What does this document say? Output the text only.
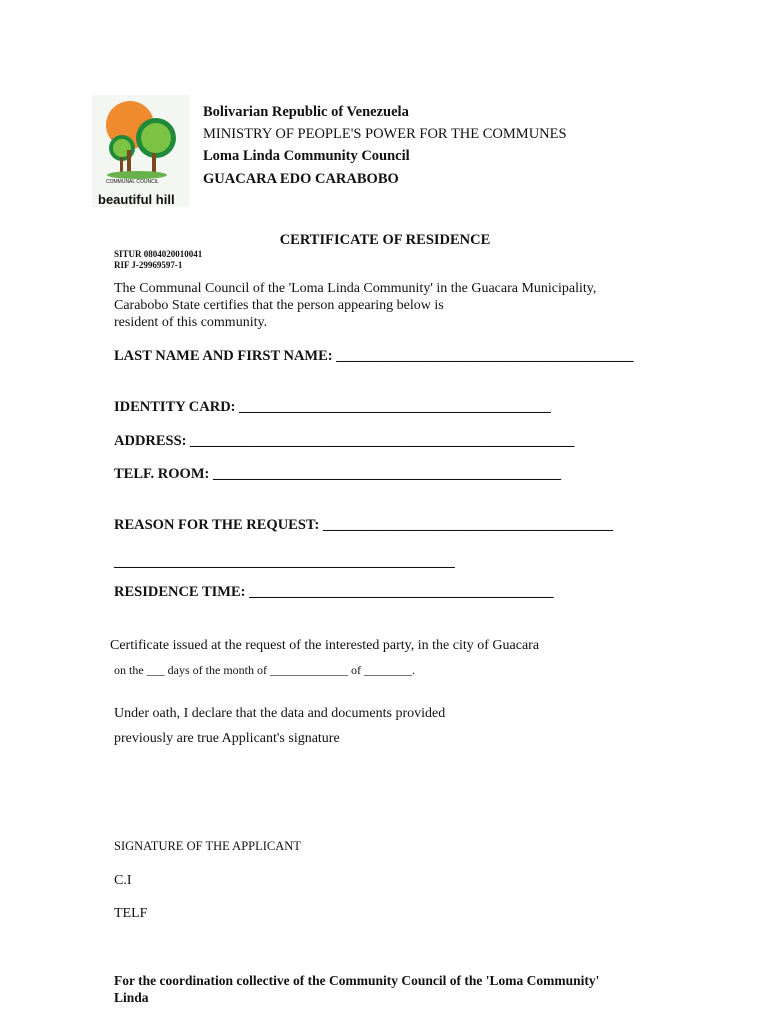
COMMUNAL COUNCIL
beautiful hill
Bolivarian Republic of Venezuela
MINISTRY OF PEOPLE'S POWER FOR THE COMMUNES
Loma Linda Community Council
GUACARA EDO CARABOBO
CERTIFICATE OF RESIDENCE
SITUR 0804020010041
RIF J-29969597-1
The Communal Council of the 'Loma Linda Community' in the Guacara Municipality,
Carabobo State certifies that the person appearing below is
resident of this community.
LAST NAME AND FIRST NAME: _________________________________________
IDENTITY CARD: ___________________________________________
ADDRESS: _____________________________________________________
TELF. ROOM: ________________________________________________
REASON FOR THE REQUEST: ________________________________________
_______________________________________________
RESIDENCE TIME: __________________________________________
Certificate issued at the request of the interested party, in the city of Guacara
on the ___ days of the month of _____________ of ________.
Under oath, I declare that the data and documents provided
previously are true Applicant's signature
SIGNATURE OF THE APPLICANT
C.I
TELF
For the coordination collective of the Community Council of the 'Loma Community'
Linda
